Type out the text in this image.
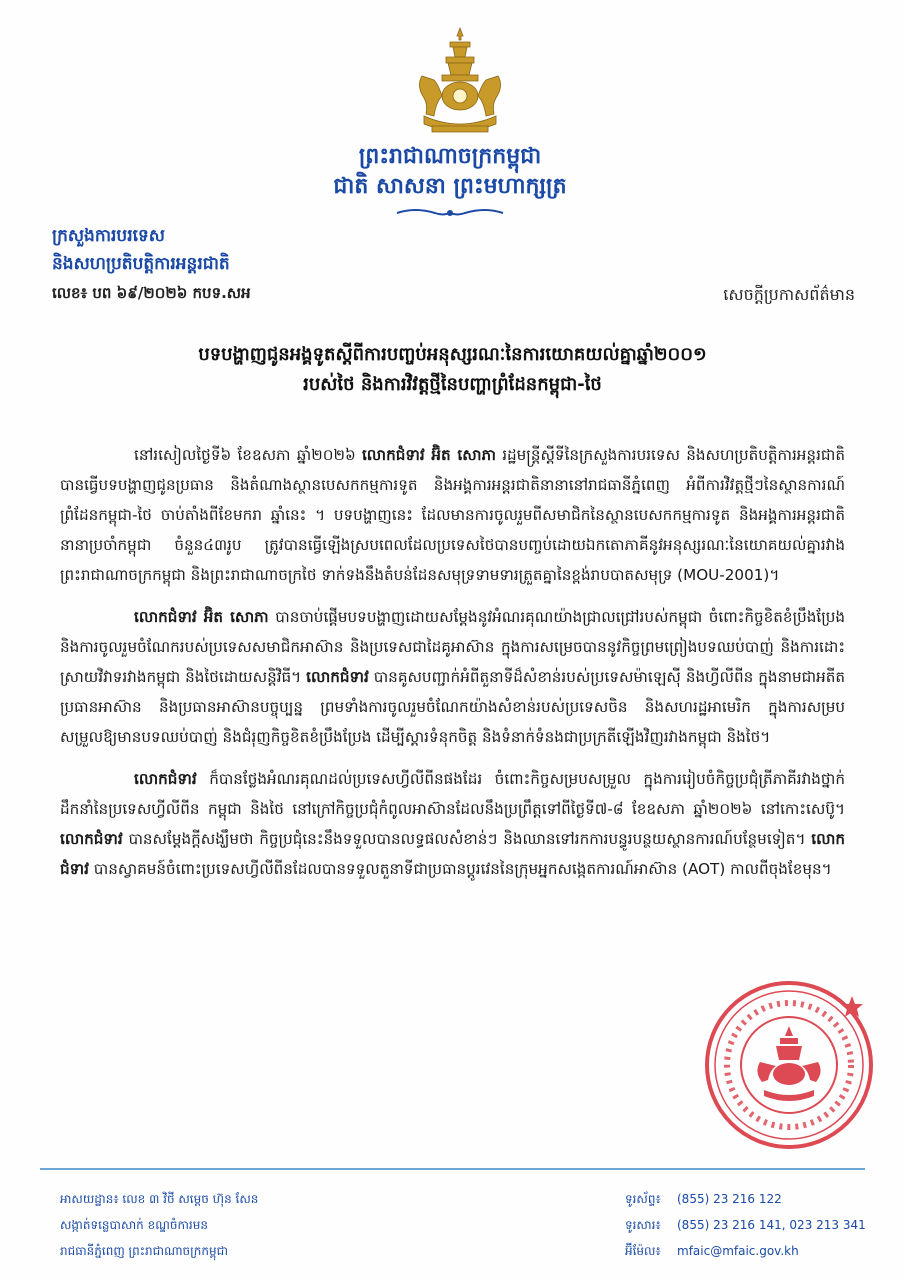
ព្រះរាជាណាចក្រកម្ពុជា
ជាតិ សាសនា ព្រះមហាក្សត្រ
ក្រសួងការបរទេស
និងសហប្រតិបត្តិការអន្តរជាតិ
លេខ៖ បព ៦៩/២០២៦ កបទ.សអ	សេចក្តីប្រកាសព័ត៌មាន
បទបង្ហាញជូនអង្គទូតស្តីពីការបញ្ចប់អនុស្សរណៈនៃការយោគយល់គ្នាឆ្នាំ២០០១
របស់ថៃ និងការវិវត្តថ្មីនៃបញ្ហាព្រំដែនកម្ពុជា-ថៃ

នៅរសៀលថ្ងៃទី៦ ខែឧសភា ឆ្នាំ២០២៦ លោកជំទាវ អ៊ិត សោភា រដ្ឋមន្ត្រីស្តីទីនៃក្រសួងការបរទេស និងសហប្រតិបត្តិការអន្តរជាតិ បានធ្វើបទបង្ហាញជូនប្រធាន និងតំណាងស្ថានបេសកកម្មការទូត និងអង្គការអន្តរជាតិនានានៅរាជធានីភ្នំពេញ អំពីការវិវត្តថ្មីៗនៃស្ថានការណ៍ព្រំដែនកម្ពុជា-ថៃ ចាប់តាំងពីខែមករា ឆ្នាំនេះ ។ បទបង្ហាញនេះ ដែលមានការចូលរួមពីសមាជិកនៃស្ថានបេសកកម្មការទូត និងអង្គការអន្តរជាតិនានាប្រចាំកម្ពុជា ចំនួន៤៣រូប ត្រូវបានធ្វើឡើងស្របពេលដែលប្រទេសថៃបានបញ្ចប់ដោយឯកតោភាគីនូវអនុស្សរណៈនៃយោគយល់គ្នារវាងព្រះរាជាណាចក្រកម្ពុជា និងព្រះរាជាណាចក្រថៃ ទាក់ទងនឹងតំបន់ដែនសមុទ្រទាមទារត្រួតគ្នានៃខ្ពង់រាបបាតសមុទ្រ (MOU-2001)។

លោកជំទាវ អ៊ិត សោភា បានចាប់ផ្តើមបទបង្ហាញដោយសម្តែងនូវអំណរគុណយ៉ាងជ្រាលជ្រៅរបស់កម្ពុជា ចំពោះកិច្ចខិតខំប្រឹងប្រែង និងការចូលរួមចំណែករបស់ប្រទេសសមាជិកអាស៊ាន និងប្រទេសជាដៃគូអាស៊ាន ក្នុងការសម្រេចបាននូវកិច្ចព្រមព្រៀងបទឈប់បាញ់ និងការដោះស្រាយវិវាទរវាងកម្ពុជា និងថៃដោយសន្តិវិធី។ លោកជំទាវ បានគូសបញ្ជាក់អំពីតួនាទីដ៏សំខាន់របស់ប្រទេសម៉ាឡេស៊ី និងហ្វីលីពីន ក្នុងនាមជាអតីតប្រធានអាស៊ាន និងប្រធានអាស៊ានបច្ចុប្បន្ន ព្រមទាំងការចូលរួមចំណែកយ៉ាងសំខាន់របស់ប្រទេសចិន និងសហរដ្ឋអាមេរិក ក្នុងការសម្របសម្រួលឱ្យមានបទឈប់បាញ់ និងជំរុញកិច្ចខិតខំប្រឹងប្រែង ដើម្បីស្តារទំនុកចិត្ត និងទំនាក់ទំនងជាប្រក្រតីឡើងវិញរវាងកម្ពុជា និងថៃ។

លោកជំទាវ ក៏បានថ្លែងអំណរគុណដល់ប្រទេសហ្វីលីពីនផងដែរ ចំពោះកិច្ចសម្របសម្រួល ក្នុងការរៀបចំកិច្ចប្រជុំត្រីភាគីរវាងថ្នាក់ដឹកនាំនៃប្រទេសហ្វីលីពីន កម្ពុជា និងថៃ នៅក្រៅកិច្ចប្រជុំកំពូលអាស៊ានដែលនឹងប្រព្រឹត្តទៅពីថ្ងៃទី៧-៨ ខែឧសភា ឆ្នាំ២០២៦ នៅកោះសេប៊ូ។ លោកជំទាវ បានសម្តែងក្តីសង្ឃឹមថា កិច្ចប្រជុំនេះនឹងទទួលបានលទ្ធផលសំខាន់ៗ និងឈានទៅរកការបន្ធូរបន្ថយស្ថានការណ៍បន្ថែមទៀត។ លោកជំទាវ បានស្វាគមន៍ចំពោះប្រទេសហ្វីលីពីនដែលបានទទួលតួនាទីជាប្រធានប្តូរវេននៃក្រុមអ្នកសង្កេតការណ៍អាស៊ាន (AOT) កាលពីចុងខែមុន។

អាសយដ្ឋាន៖ លេខ ៣ វិថី សម្តេច ហ៊ុន សែន
សង្កាត់ទន្លេបាសាក់ ខណ្ឌចំការមន
រាជធានីភ្នំពេញ ព្រះរាជាណាចក្រកម្ពុជា
ទូរស័ព្ទ៖ (855) 23 216 122
ទូរសារ៖ (855) 23 216 141, 023 213 341
អ៊ីម៉ែល៖ mfaic@mfaic.gov.kh
